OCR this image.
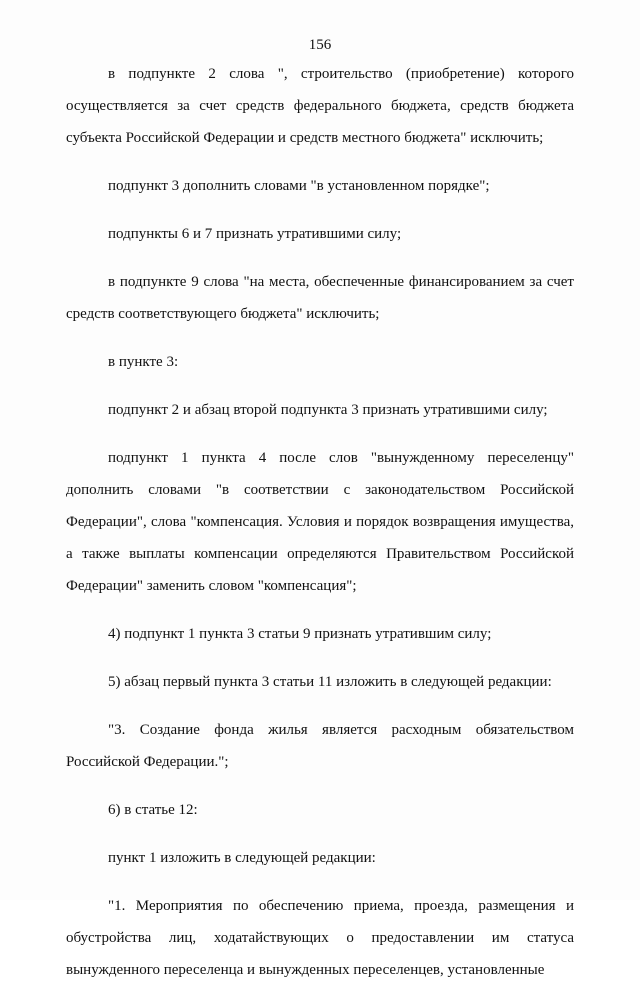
156

в подпункте 2 слова ", строительство (приобретение) которого осуществляется за счет средств федерального бюджета, средств бюджета субъекта Российской Федерации и средств местного бюджета" исключить;

подпункт 3 дополнить словами "в установленном порядке";

подпункты 6 и 7 признать утратившими силу;

в подпункте 9 слова "на места, обеспеченные финансированием за счет средств соответствующего бюджета" исключить;

в пункте 3:

подпункт 2 и абзац второй подпункта 3 признать утратившими силу;

подпункт 1 пункта 4 после слов "вынужденному переселенцу" дополнить словами "в соответствии с законодательством Российской Федерации", слова "компенсация. Условия и порядок возвращения имущества, а также выплаты компенсации определяются Правительством Российской Федерации" заменить словом "компенсация";

4) подпункт 1 пункта 3 статьи 9 признать утратившим силу;

5) абзац первый пункта 3 статьи 11 изложить в следующей редакции:

"3. Создание фонда жилья является расходным обязательством Российской Федерации.";

6) в статье 12:

пункт 1 изложить в следующей редакции:

"1. Мероприятия по обеспечению приема, проезда, размещения и обустройства лиц, ходатайствующих о предоставлении им статуса вынужденного переселенца и вынужденных переселенцев, установленные
